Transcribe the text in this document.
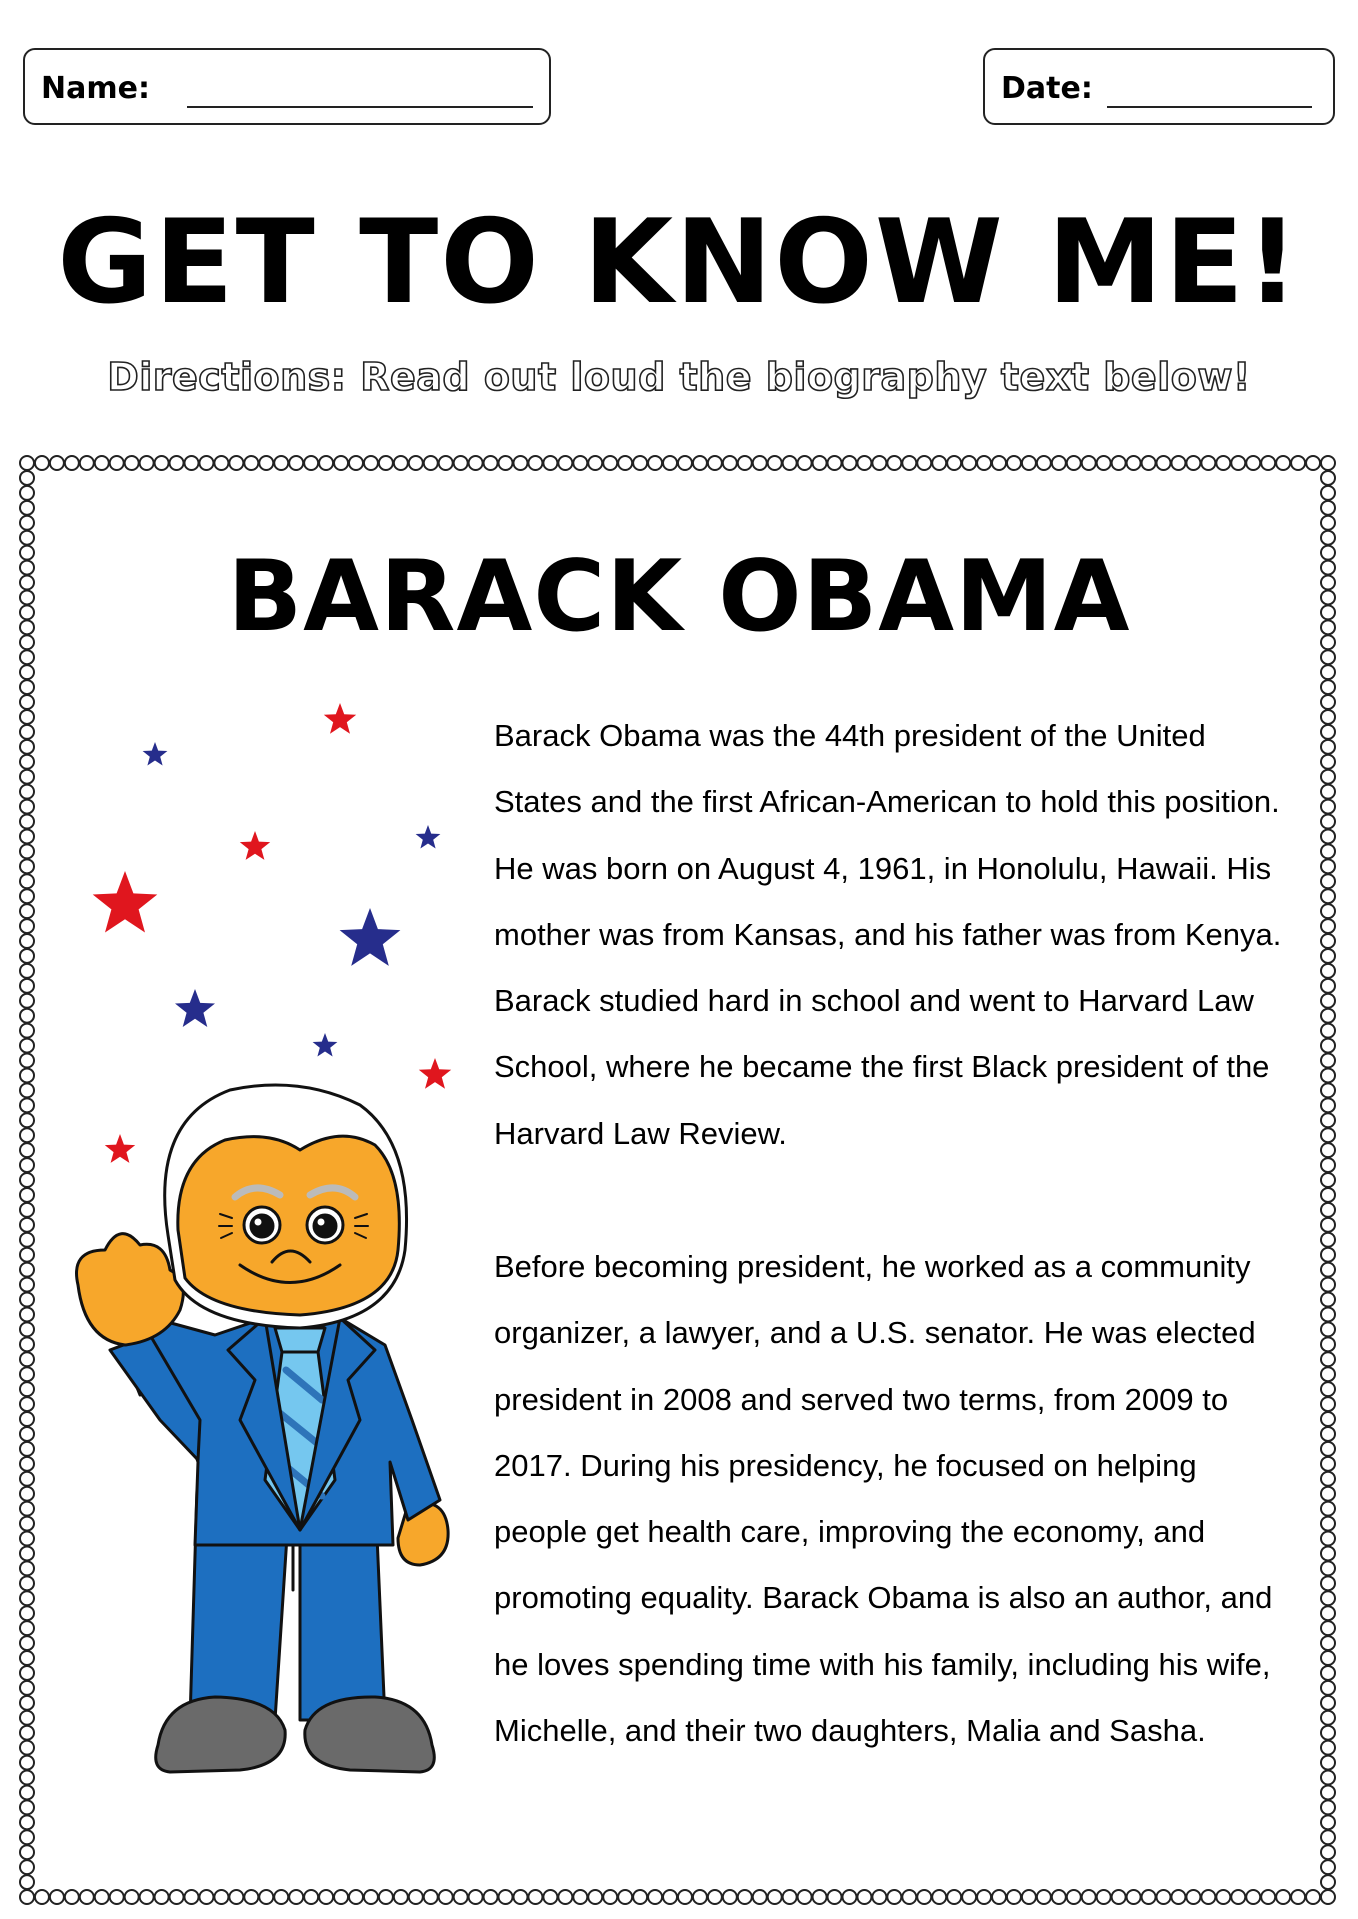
Name:	Date:
GET TO KNOW ME!
Directions: Read out loud the biography text below!
BARACK OBAMA

Barack Obama was the 44th president of the United States and the first African-American to hold this position. He was born on August 4, 1961, in Honolulu, Hawaii. His mother was from Kansas, and his father was from Kenya. Barack studied hard in school and went to Harvard Law School, where he became the first Black president of the Harvard Law Review.

Before becoming president, he worked as a community organizer, a lawyer, and a U.S. senator. He was elected president in 2008 and served two terms, from 2009 to 2017. During his presidency, he focused on helping people get health care, improving the economy, and promoting equality. Barack Obama is also an author, and he loves spending time with his family, including his wife, Michelle, and their two daughters, Malia and Sasha.
